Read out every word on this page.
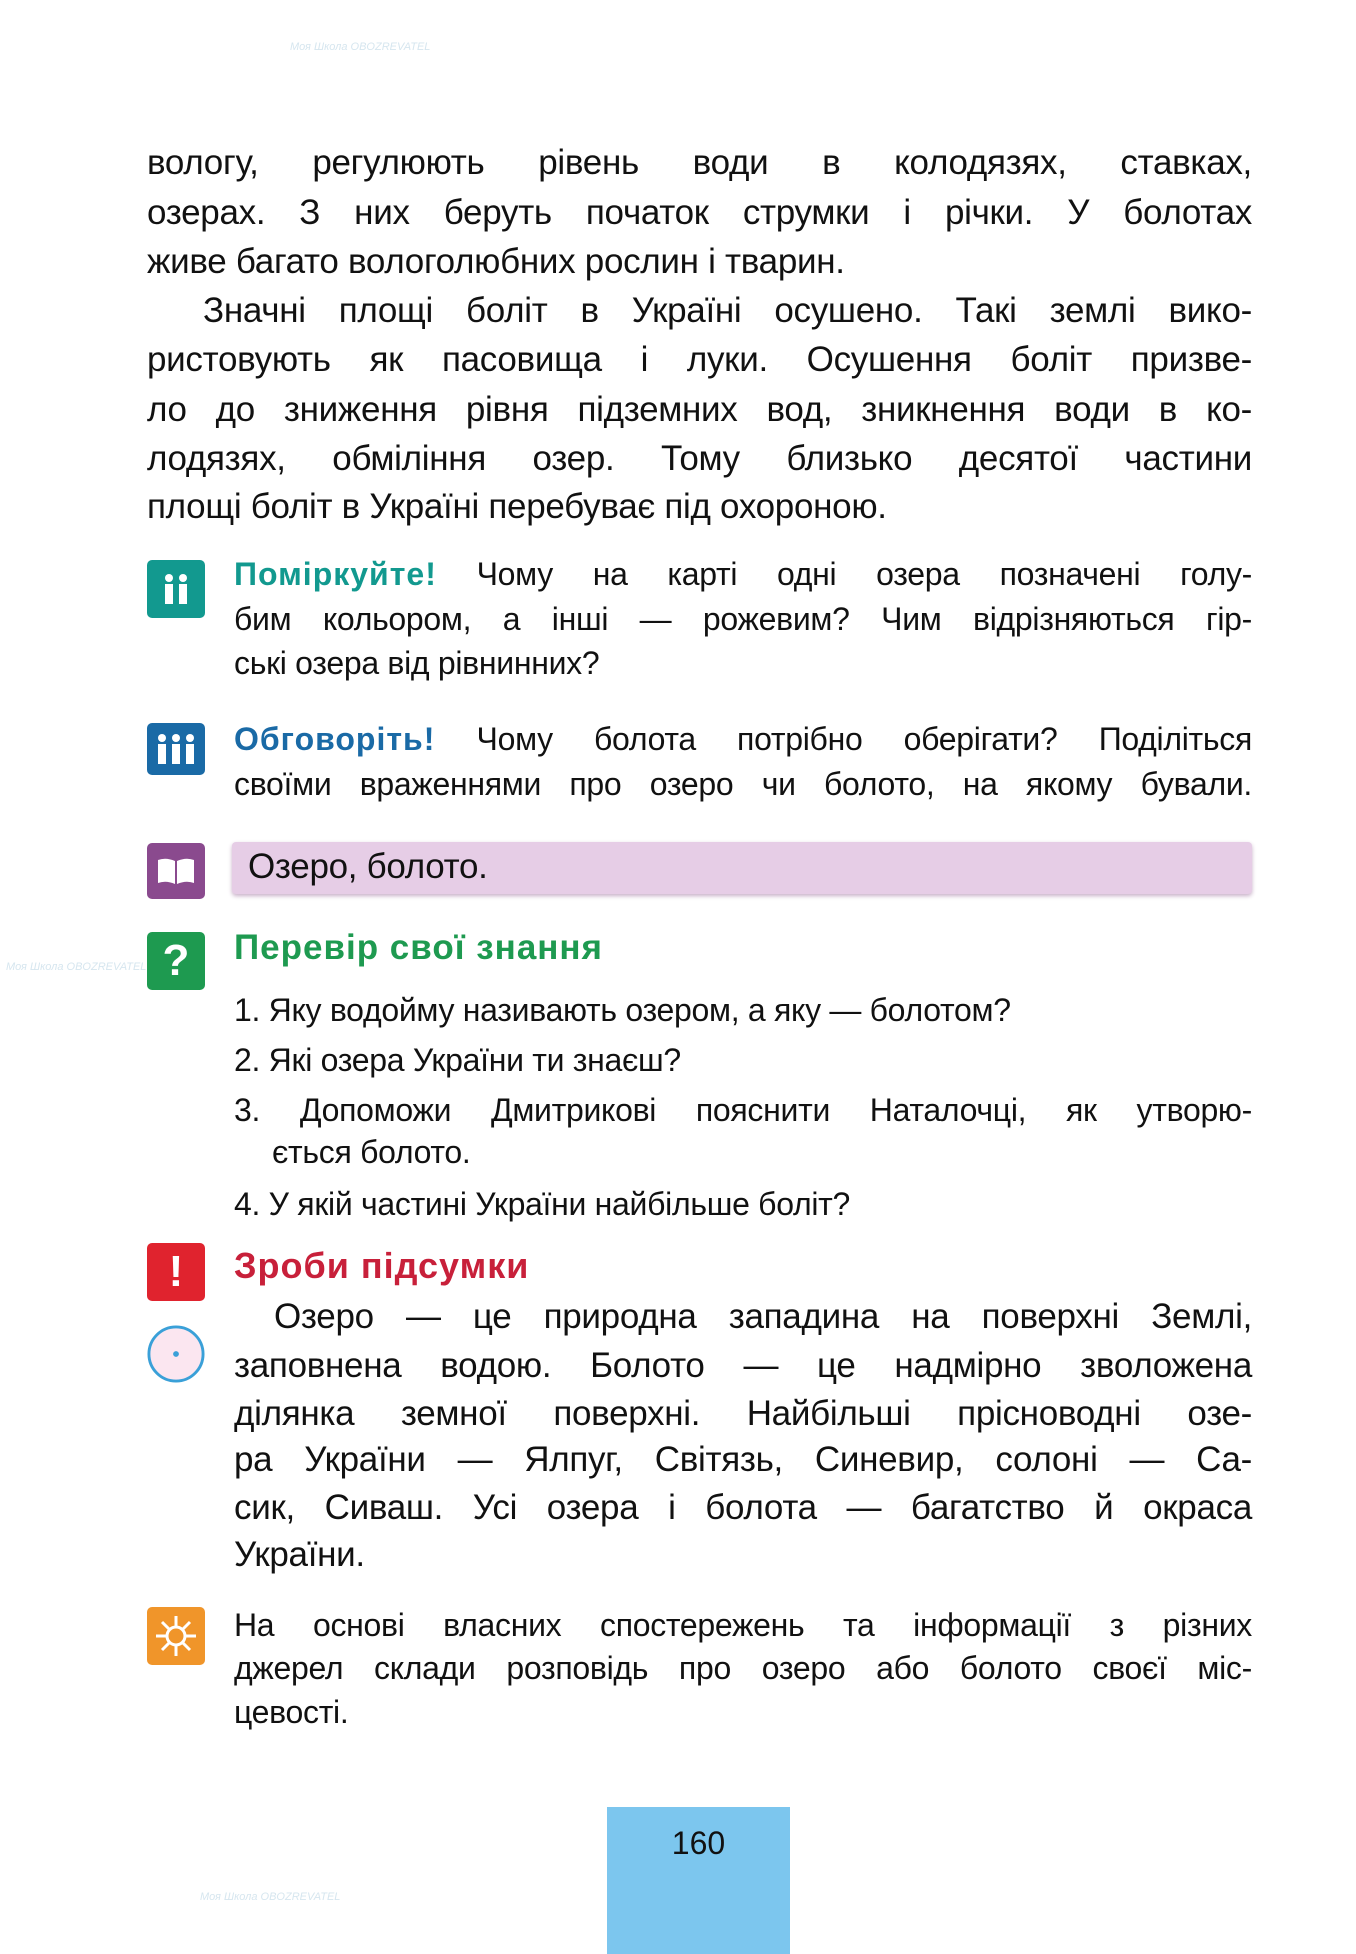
Моя Школа OBOZREVATEL
Моя Школа OBOZREVATEL
Моя Школа OBOZREVATEL
вологу, регулюють рівень води в колодязях, ставках,
озерах. З них беруть початок струмки і річки. У болотах
живе багато вологолюбних рослин і тварин.
Значні площі боліт в Україні осушено. Такі землі вико-
ристовують як пасовища і луки. Осушення боліт призве-
ло до зниження рівня підземних вод, зникнення води в ко-
лодязях, обміління озер. Тому близько десятої частини
площі боліт в Україні перебуває під охороною.
Поміркуйте! Чому на карті одні озера позначені голу-
бим кольором, а інші — рожевим? Чим відрізняються гір-
ські озера від рівнинних?
Обговоріть! Чому болота потрібно оберігати? Поділіться
своїми враженнями про озеро чи болото, на якому бували.
Озеро, болото.
? Перевір свої знання
1. Яку водойму називають озером, а яку — болотом?
2. Які озера України ти знаєш?
3. Допоможи Дмитрикові пояснити Наталочці, як утворю-
ється болото.
4. У якій частині України найбільше боліт?
! Зроби підсумки
Озеро — це природна западина на поверхні Землі,
заповнена водою. Болото — це надмірно зволожена
ділянка земної поверхні. Найбільші прісноводні озе-
ра України — Ялпуг, Світязь, Синевир, солоні — Са-
сик, Сиваш. Усі озера і болота — багатство й окраса
України.
На основі власних спостережень та інформації з різних
джерел склади розповідь про озеро або болото своєї міс-
цевості.
160
